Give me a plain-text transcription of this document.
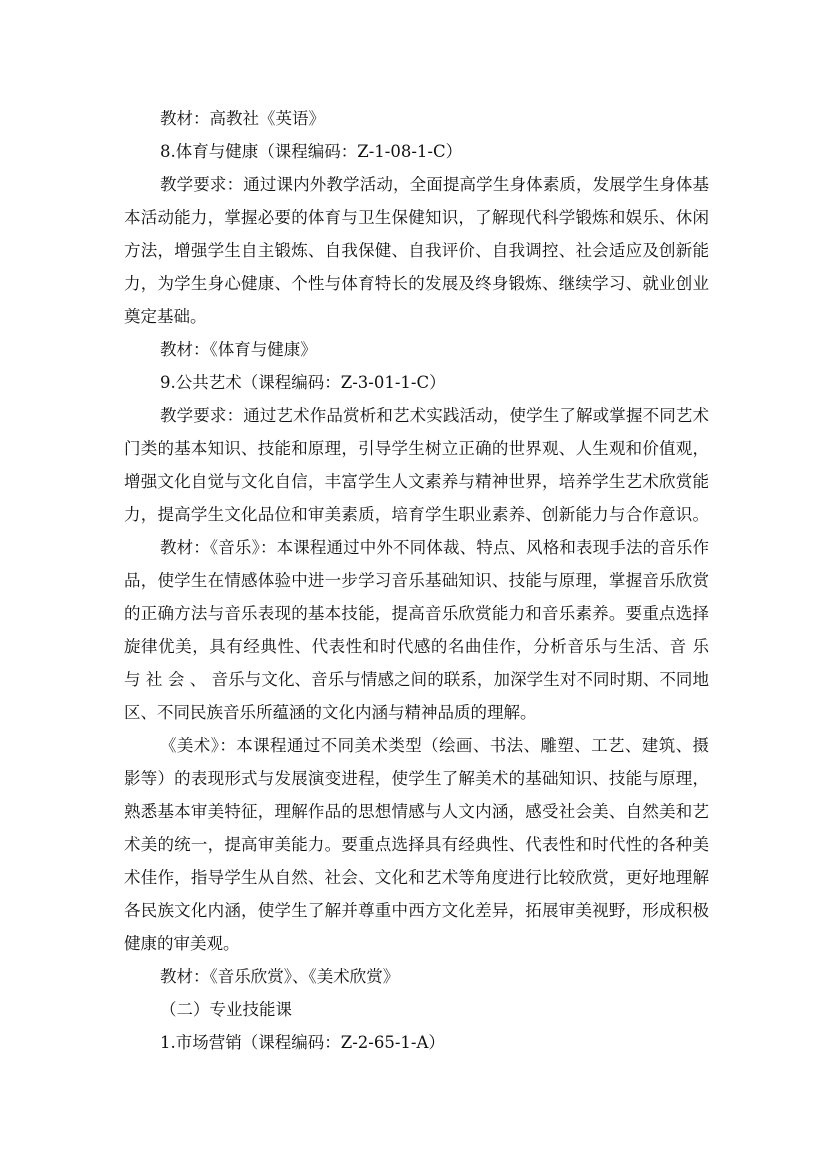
教材：高教社《英语》

8.体育与健康（课程编码：Z-1-08-1-C）

教学要求：通过课内外教学活动，全面提高学生身体素质，发展学生身体基

本活动能力，掌握必要的体育与卫生保健知识，了解现代科学锻炼和娱乐、休闲

方法，增强学生自主锻炼、自我保健、自我评价、自我调控、社会适应及创新能

力，为学生身心健康、个性与体育特长的发展及终身锻炼、继续学习、就业创业

奠定基础。

教材：《体育与健康》

9.公共艺术（课程编码：Z-3-01-1-C）

教学要求：通过艺术作品赏析和艺术实践活动，使学生了解或掌握不同艺术

门类的基本知识、技能和原理，引导学生树立正确的世界观、人生观和价值观，

增强文化自觉与文化自信，丰富学生人文素养与精神世界，培养学生艺术欣赏能

力，提高学生文化品位和审美素质，培育学生职业素养、创新能力与合作意识。

教材：《音乐》：本课程通过中外不同体裁、特点、风格和表现手法的音乐作

品，使学生在情感体验中进一步学习音乐基础知识、技能与原理，掌握音乐欣赏

的正确方法与音乐表现的基本技能，提高音乐欣赏能力和音乐素养。要重点选择

旋律优美，具有经典性、代表性和时代感的名曲佳作，分析音乐与生活、音 乐

与 社 会 、 音乐与文化、音乐与情感之间的联系，加深学生对不同时期、不同地

区、不同民族音乐所蕴涵的文化内涵与精神品质的理解。

《美术》：本课程通过不同美术类型（绘画、书法、雕塑、工艺、建筑、摄

影等）的表现形式与发展演变进程，使学生了解美术的基础知识、技能与原理，

熟悉基本审美特征，理解作品的思想情感与人文内涵，感受社会美、自然美和艺

术美的统一，提高审美能力。要重点选择具有经典性、代表性和时代性的各种美

术佳作，指导学生从自然、社会、文化和艺术等角度进行比较欣赏，更好地理解

各民族文化内涵，使学生了解并尊重中西方文化差异，拓展审美视野，形成积极

健康的审美观。

教材：《音乐欣赏》、《美术欣赏》

（二）专业技能课

1.市场营销（课程编码：Z-2-65-1-A）
